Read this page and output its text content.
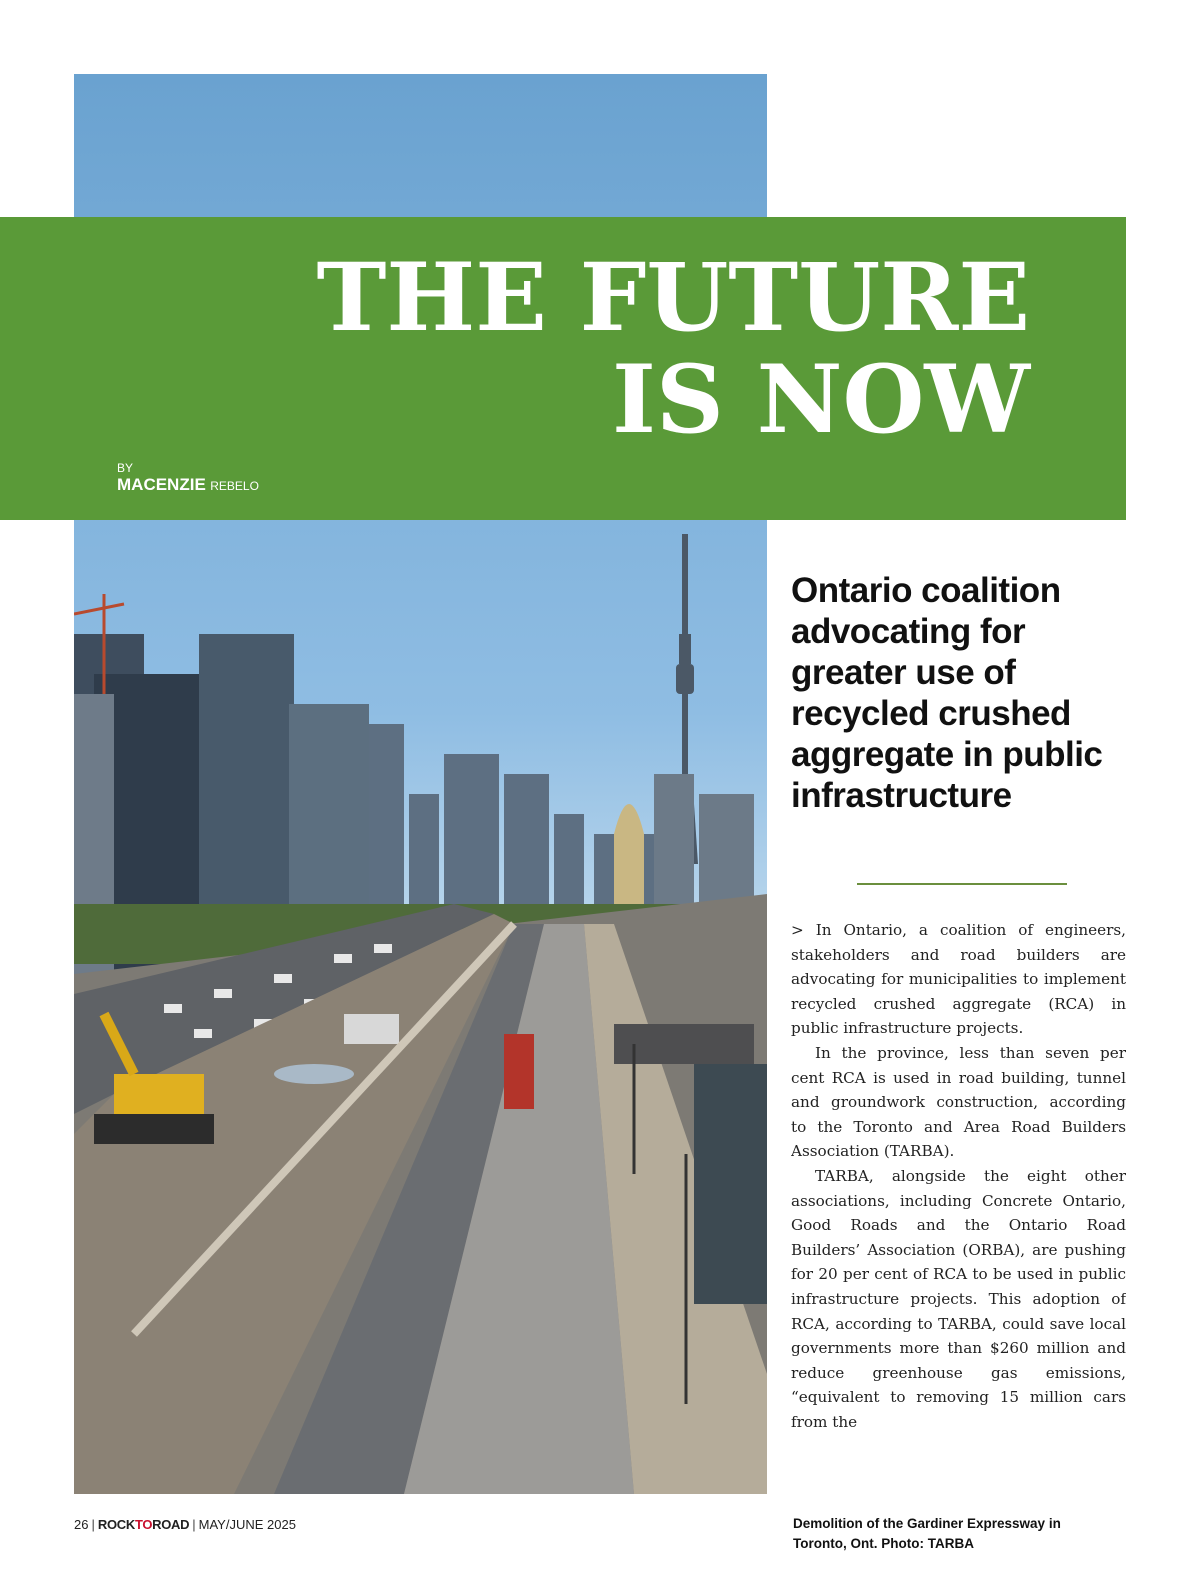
THE FUTURE
IS NOW
BY
MACENZIE REBELO
Ontario coalition advocating for greater use of recycled crushed aggregate in public infrastructure

> In Ontario, a coalition of engineers, stakeholders and road builders are advocating for municipalities to implement recycled crushed aggregate (RCA) in public infrastructure projects.

In the province, less than seven per cent RCA is used in road building, tunnel and groundwork construction, according to the Toronto and Area Road Builders Association (TARBA).

TARBA, alongside the eight other associations, including Concrete Ontario, Good Roads and the Ontario Road Builders’ Association (ORBA), are pushing for 20 per cent of RCA to be used in public infrastructure projects. This adoption of RCA, according to TARBA, could save local governments more than $260 million and reduce greenhouse gas emissions, “equivalent to removing 15 million cars from the

Demolition of the Gardiner Expressway in Toronto, Ont. Photo: TARBA
26 | ROCKTOROAD | MAY/JUNE 2025
